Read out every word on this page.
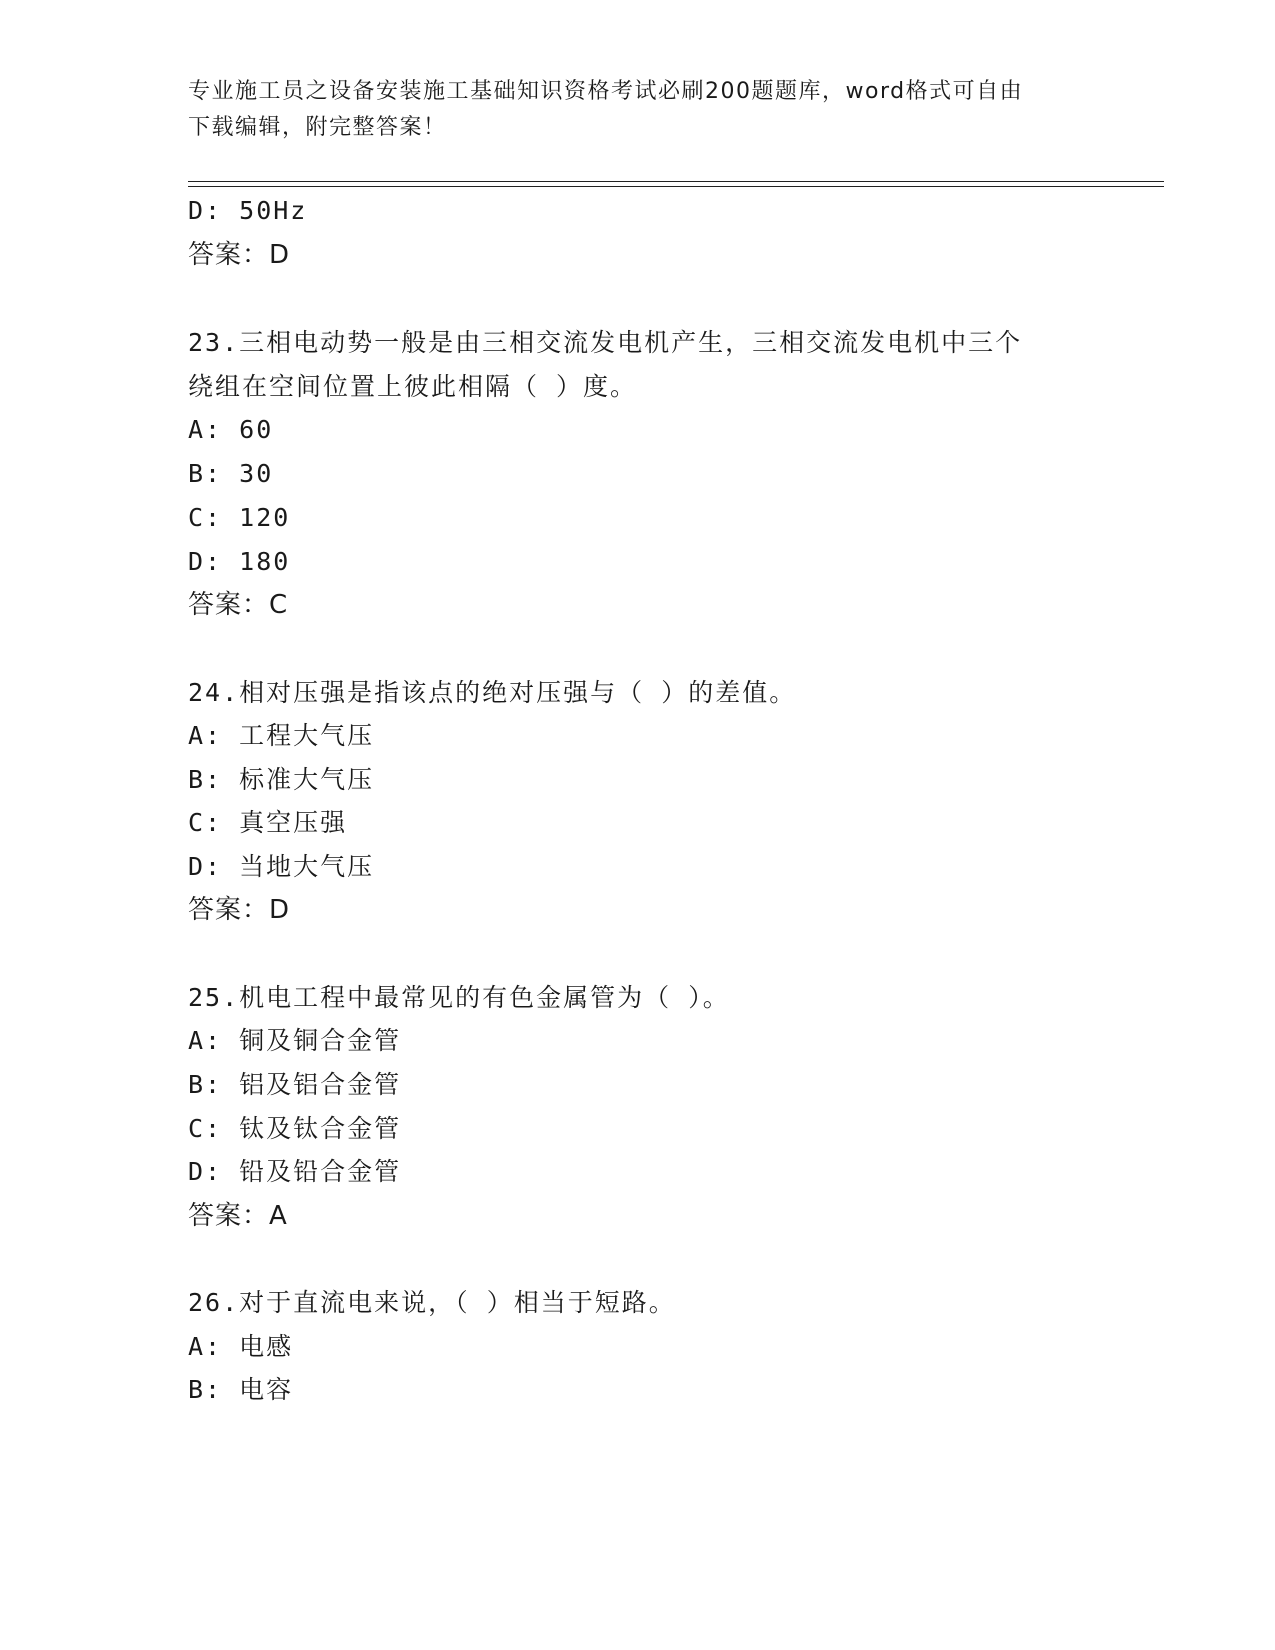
专业施工员之设备安装施工基础知识资格考试必刷200题题库，word格式可自由
下载编辑，附完整答案！
D: 50Hz
答案：D
23.三相电动势一般是由三相交流发电机产生，三相交流发电机中三个
绕组在空间位置上彼此相隔（ ）度。
A: 60
B: 30
C: 120
D: 180
答案：C
24.相对压强是指该点的绝对压强与（ ）的差值。
A: 工程大气压
B: 标准大气压
C: 真空压强
D: 当地大气压
答案：D
25.机电工程中最常见的有色金属管为（ ）。
A: 铜及铜合金管
B: 铝及铝合金管
C: 钛及钛合金管
D: 铅及铅合金管
答案：A
26.对于直流电来说，（ ）相当于短路。
A: 电感
B: 电容
